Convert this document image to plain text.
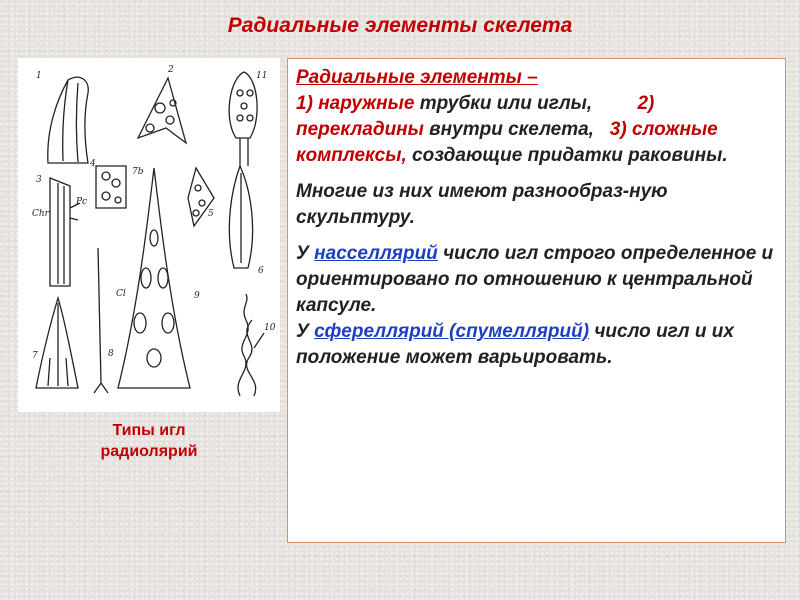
Радиальные элементы скелета
1
2
11
3
Pc
Chr
4
7b
5
6
Cl
7	8
9
10
Типы игл
радиолярий

Радиальные элементы –
1) наружные трубки или иглы, 2) перекладины внутри скелета, 3) сложные комплексы, создающие придатки раковины.

Многие из них имеют разнообраз-ную скульптуру.

У насселлярий число игл строго определенное и ориентировано по отношению к центральной капсуле.
У сфереллярий (спумеллярий) число игл и их положение может варьировать.
